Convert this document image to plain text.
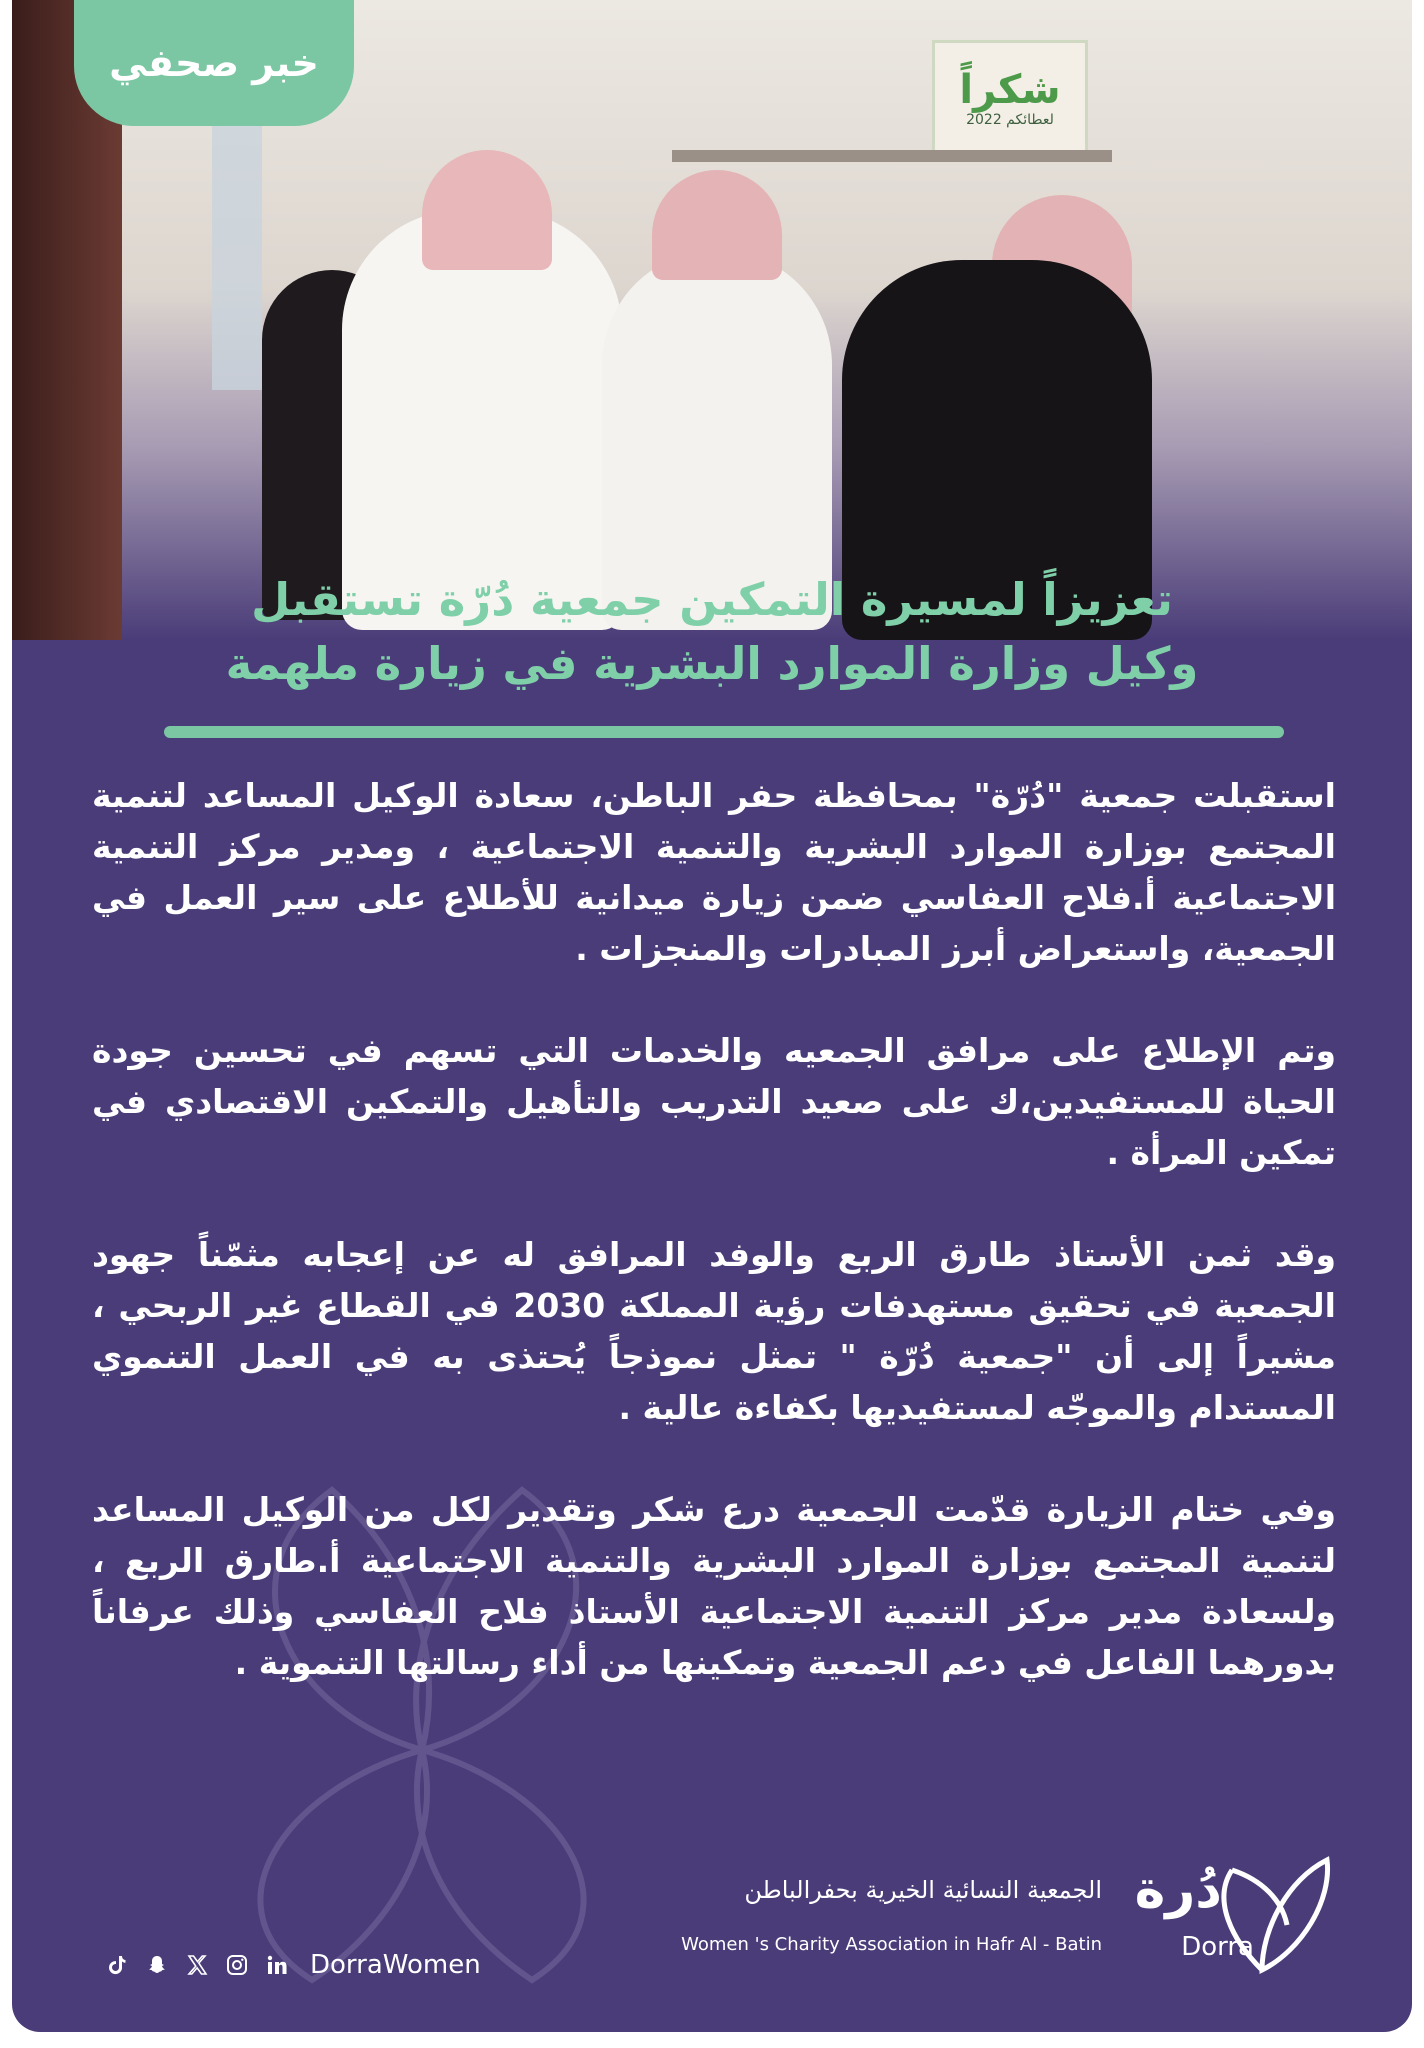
شكراً
لعطائكم 2022
خبر صحفي
تعزيزاً لمسيرة التمكين جمعية دُرّة تستقبل
وكيل وزارة الموارد البشرية في زيارة ملهمة

استقبلت جمعية "دُرّة" بمحافظة حفر الباطن، سعادة الوكيل المساعد لتنمية المجتمع بوزارة الموارد البشرية والتنمية الاجتماعية ، ومدير مركز التنمية الاجتماعية أ.فلاح العفاسي ضمن زيارة ميدانية للأطلاع على سير العمل في الجمعية، واستعراض أبرز المبادرات والمنجزات .

وتم الإطلاع على مرافق الجمعيه والخدمات التي تسهم في تحسين جودة الحياة للمستفيدين،ك على صعيد التدريب والتأهيل والتمكين الاقتصادي في تمكين المرأة .

وقد ثمن الأستاذ طارق الربع والوفد المرافق له عن إعجابه مثمّناً جهود الجمعية في تحقيق مستهدفات رؤية المملكة 2030 في القطاع غير الربحي ، مشيراً إلى أن "جمعية دُرّة " تمثل نموذجاً يُحتذى به في العمل التنموي المستدام والموجّه لمستفيديها بكفاءة عالية .

وفي ختام الزيارة قدّمت الجمعية درع شكر وتقدير لكل من الوكيل المساعد لتنمية المجتمع بوزارة الموارد البشرية والتنمية الاجتماعية أ.طارق الربع ، ولسعادة مدير مركز التنمية الاجتماعية الأستاذ فلاح العفاسي وذلك عرفاناً بدورهما الفاعل في دعم الجمعية وتمكينها من أداء رسالتها التنموية .

دُرة
Dorra
الجمعية النسائية الخيرية بحفرالباطن
Women 's Charity Association in Hafr Al - Batin
DorraWomen
